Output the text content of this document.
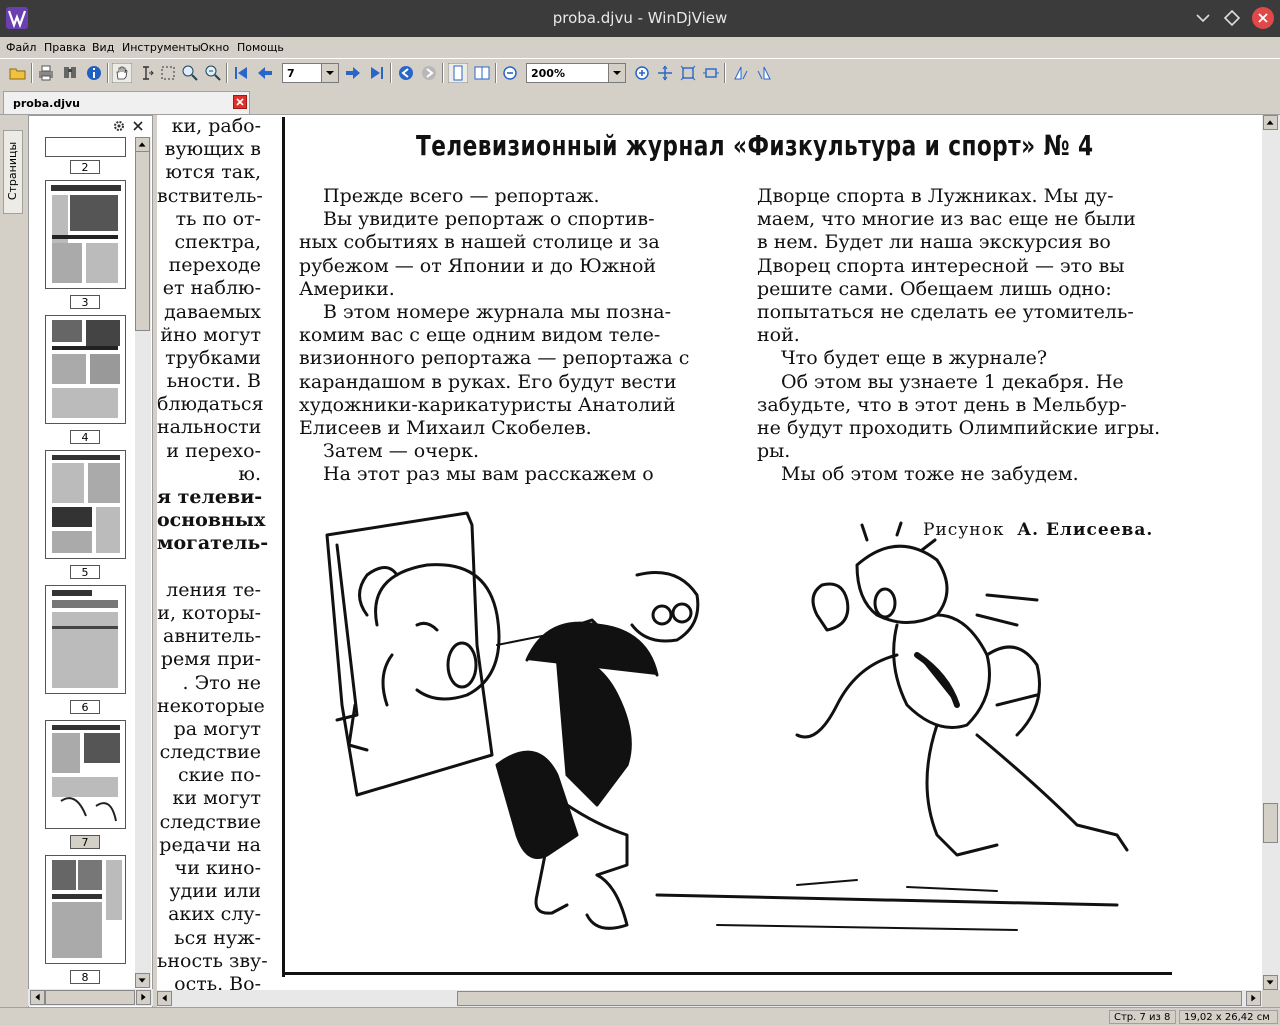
proba.djvu - WinDjView
Файл Правка Вид Инструменты Окно Помощь
7	200%
proba.djvu
Страницы	2
3
4
5
6
7
8
ки, рабо-
вующих в
ются так,
вствитель-
ть по от-
спектра,
переходе
ет наблю-
даваемых
йно могут
трубками
ьности. В
блюдаться
нальности
и перехо-
ю.
я телеви-
основных
могатель-
ления те-
и, которы-
авнитель-
ремя при-
. Это не
некоторые
ра могут
следствие
ские по-
ки могут
следствие
редачи на
чи кино-
удии или
аких слу-
ься нуж-
ьность зву-
ость. Во-
Телевизионный журнал «Физкультура и спорт» № 4
Прежде всего — репортаж.
Вы увидите репортаж о спортив-
ных событиях в нашей столице и за
рубежом — от Японии и до Южной
Америки.
В этом номере журнала мы позна-
комим вас с еще одним видом теле-
визионного репортажа — репортажа с
карандашом в руках. Его будут вести
художники-карикатуристы Анатолий
Елисеев и Михаил Скобелев.
Затем — очерк.
На этот раз мы вам расскажем о
Дворце спорта в Лужниках. Мы ду-
маем, что многие из вас еще не были
в нем. Будет ли наша экскурсия во
Дворец спорта интересной — это вы
решите сами. Обещаем лишь одно:
попытаться не сделать ее утомитель-
ной.
Что будет еще в журнале?
Об этом вы узнаете 1 декабря. Не
забудьте, что в этот день в Мельбур-
не будут проходить Олимпийские игры.
ры.
Мы об этом тоже не забудем.
Рисунок А. Елисеева.
Стр. 7 из 8	19,02 x 26,42 см
